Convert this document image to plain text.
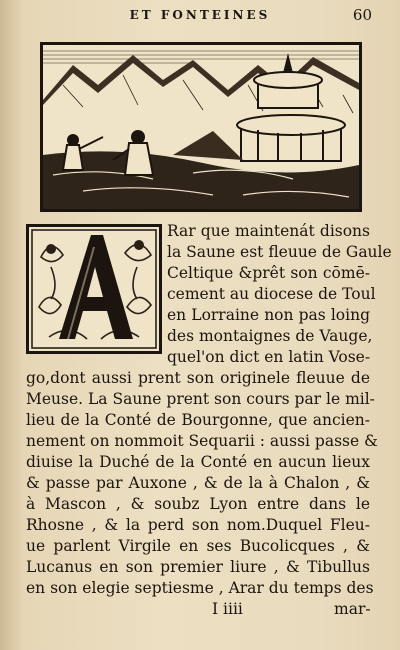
ET FONTEINES	60
Rar que maintenát disons
la Saune est fleuue de Gaule
Celtique &prêt son cōmē-
cement au diocese de Toul
en Lorraine non pas loing
des montaignes de Vauge,
quel'on dict en latin Vose-
go,dont aussi prent son originele fleuue de
Meuse. La Saune prent son cours par le mil-
lieu de la Conté de Bourgonne, que ancien-
nement on nommoit Sequarii : aussi passe &
diuise la Duché de la Conté en aucun lieux
& passe par Auxone , & de la à Chalon , &
à Mascon , & soubz Lyon entre dans le
Rhosne , & la perd son nom.Duquel Fleu-
ue parlent Virgile en ses Bucolicques , &
Lucanus en son premier liure , & Tibullus
en son elegie septiesme , Arar du temps des
I iiii	mar-
